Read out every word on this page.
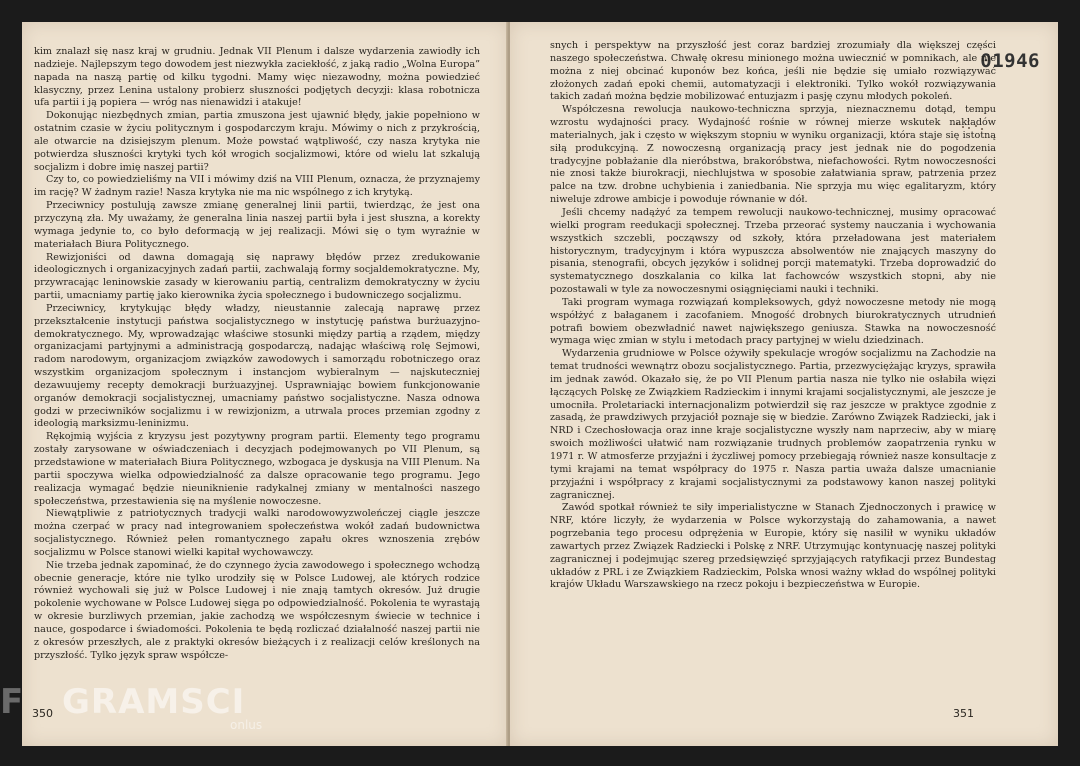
kim znalazł się nasz kraj w grudniu. Jednak VII Plenum i dalsze wydarzenia zawiodły ich nadzieje. Najlepszym tego dowodem jest niezwykła zaciekłość, z jaką radio „Wolna Europa” napada na naszą partię od kilku tygodni. Mamy więc niezawodny, można powiedzieć klasyczny, przez Lenina ustalony probierz słuszności podjętych decyzji: klasa robotnicza ufa partii i ją popiera — wróg nas nienawidzi i atakuje!

Dokonując niezbędnych zmian, partia zmuszona jest ujawnić błędy, jakie popełniono w ostatnim czasie w życiu politycznym i gospodarczym kraju. Mówimy o nich z przykrością, ale otwarcie na dzisiejszym plenum. Może powstać wątpliwość, czy nasza krytyka nie potwierdza słuszności krytyki tych kół wrogich socjalizmowi, które od wielu lat szkalują socjalizm i dobre imię naszej partii?

Czy to, co powiedzieliśmy na VII i mówimy dziś na VIII Plenum, oznacza, że przyznajemy im rację? W żadnym razie! Nasza krytyka nie ma nic wspólnego z ich krytyką.

Przeciwnicy postulują zawsze zmianę generalnej linii partii, twierdząc, że jest ona przyczyną zła. My uważamy, że generalna linia naszej partii była i jest słuszna, a korekty wymaga jedynie to, co było deformacją w jej realizacji. Mówi się o tym wyraźnie w materiałach Biura Politycznego.

Rewizjoniści od dawna domagają się naprawy błędów przez zredukowanie ideologicznych i organizacyjnych zadań partii, zachwalają formy socjaldemokratyczne. My, przywracając leninowskie zasady w kierowaniu partią, centralizm demokratyczny w życiu partii, umacniamy partię jako kierownika życia społecznego i budowniczego socjalizmu.

Przeciwnicy, krytykując błędy władzy, nieustannie zalecają naprawę przez przekształcenie instytucji państwa socjalistycznego w instytucję państwa burżuazyjno-demokratycznego. My, wprowadzając właściwe stosunki między partią a rządem, między organizacjami partyjnymi a administracją gospodarczą, nadając właściwą rolę Sejmowi, radom narodowym, organizacjom związków zawodowych i samorządu robotniczego oraz wszystkim organizacjom społecznym i instancjom wybieralnym — najskuteczniej dezawuujemy recepty demokracji burżuazyjnej. Usprawniając bowiem funkcjonowanie organów demokracji socjalistycznej, umacniamy państwo socjalistyczne. Nasza odnowa godzi w przeciwników socjalizmu i w rewizjonizm, a utrwala proces przemian zgodny z ideologią marksizmu-leninizmu.

Rękojmią wyjścia z kryzysu jest pozytywny program partii. Elementy tego programu zostały zarysowane w oświadczeniach i decyzjach podejmowanych po VII Plenum, są przedstawione w materiałach Biura Politycznego, wzbogaca je dyskusja na VIII Plenum. Na partii spoczywa wielka odpowiedzialność za dalsze opracowanie tego programu. Jego realizacja wymagać będzie nieuniknienie radykalnej zmiany w mentalności naszego społeczeństwa, przestawienia się na myślenie nowoczesne.

Niewątpliwie z patriotycznych tradycji walki narodowowyzwoleńczej ciągle jeszcze można czerpać w pracy nad integrowaniem społeczeństwa wokół zadań budownictwa socjalistycznego. Również pełen romantycznego zapału okres wznoszenia zrębów socjalizmu w Polsce stanowi wielki kapitał wychowawczy.

Nie trzeba jednak zapominać, że do czynnego życia zawodowego i społecznego wchodzą obecnie generacje, które nie tylko urodziły się w Polsce Ludowej, ale których rodzice również wychowali się już w Polsce Ludowej i nie znają tamtych okresów. Już drugie pokolenie wychowane w Polsce Ludowej sięga po odpowiedzialność. Pokolenia te wyrastają w okresie burzliwych przemian, jakie zachodzą we współczesnym świecie w technice i nauce, gospodarce i świadomości. Pokolenia te będą rozliczać działalność naszej partii nie z okresów przeszłych, ale z praktyki okresów bieżących i z realizacji celów kreślonych na przyszłość. Tylko język spraw współcze-

350
01946

snych i perspektyw na przyszłość jest coraz bardziej zrozumiały dla większej części naszego społeczeństwa. Chwałę okresu minionego można uwiecznić w pomnikach, ale nie można z niej obcinać kuponów bez końca, jeśli nie będzie się umiało rozwiązywać złożonych zadań epoki chemii, automatyzacji i elektroniki. Tylko wokół rozwiązywania takich zadań można będzie mobilizować entuzjazm i pasję czynu młodych pokoleń.

Współczesna rewolucja naukowo-techniczna sprzyja, nieznacznemu dotąd, tempu wzrostu wydajności pracy. Wydajność rośnie w równej mierze wskutek nakładów materialnych, jak i często w większym stopniu w wyniku organizacji, która staje się istotną siłą produkcyjną. Z nowoczesną organizacją pracy jest jednak nie do pogodzenia tradycyjne pobłażanie dla nieróbstwa, brakoróbstwa, niefachowości. Rytm nowoczesności nie znosi także biurokracji, niechlujstwa w sposobie załatwiania spraw, patrzenia przez palce na tzw. drobne uchybienia i zaniedbania. Nie sprzyja mu więc egalitaryzm, który niweluje zdrowe ambicje i powoduje równanie w dół.

Jeśli chcemy nadążyć za tempem rewolucji naukowo-technicznej, musimy opracować wielki program reedukacji społecznej. Trzeba przeorać systemy nauczania i wychowania wszystkich szczebli, począwszy od szkoły, która przeładowana jest materiałem historycznym, tradycyjnym i która wypuszcza absolwentów nie znających maszyny do pisania, stenografii, obcych języków i solidnej porcji matematyki. Trzeba doprowadzić do systematycznego doszkalania co kilka lat fachowców wszystkich stopni, aby nie pozostawali w tyle za nowoczesnymi osiągnięciami nauki i techniki.

Taki program wymaga rozwiązań kompleksowych, gdyż nowoczesne metody nie mogą współżyć z bałaganem i zacofaniem. Mnogość drobnych biurokratycznych utrudnień potrafi bowiem obezwładnić nawet największego geniusza. Stawka na nowoczesność wymaga więc zmian w stylu i metodach pracy partyjnej w wielu dziedzinach.

Wydarzenia grudniowe w Polsce ożywiły spekulacje wrogów socjalizmu na Zachodzie na temat trudności wewnątrz obozu socjalistycznego. Partia, przezwyciężając kryzys, sprawiła im jednak zawód. Okazało się, że po VII Plenum partia nasza nie tylko nie osłabiła więzi łączących Polskę ze Związkiem Radzieckim i innymi krajami socjalistycznymi, ale jeszcze je umocniła. Proletariacki internacjonalizm potwierdził się raz jeszcze w praktyce zgodnie z zasadą, że prawdziwych przyjaciół poznaje się w biedzie. Zarówno Związek Radziecki, jak i NRD i Czechosłowacja oraz inne kraje socjalistyczne wyszły nam naprzeciw, aby w miarę swoich możliwości ułatwić nam rozwiązanie trudnych problemów zaopatrzenia rynku w 1971 r. W atmosferze przyjaźni i życzliwej pomocy przebiegają również nasze konsultacje z tymi krajami na temat współpracy do 1975 r. Nasza partia uważa dalsze umacnianie przyjaźni i współpracy z krajami socjalistycznymi za podstawowy kanon naszej polityki zagranicznej.

Zawód spotkał również te siły imperialistyczne w Stanach Zjednoczonych i prawicę w NRF, które liczyły, że wydarzenia w Polsce wykorzystają do zahamowania, a nawet pogrzebania tego procesu odprężenia w Europie, który się nasilił w wyniku układów zawartych przez Związek Radziecki i Polskę z NRF. Utrzymując kontynuację naszej polityki zagranicznej i podejmując szereg przedsięwzięć sprzyjających ratyfikacji przez Bundestag układów z PRL i ze Związkiem Radzieckim, Polska wnosi ważny wkład do wspólnej polityki krajów Układu Warszawskiego na rzecz pokoju i bezpieczeństwa w Europie.

351
F GRAMSCI
onlus
